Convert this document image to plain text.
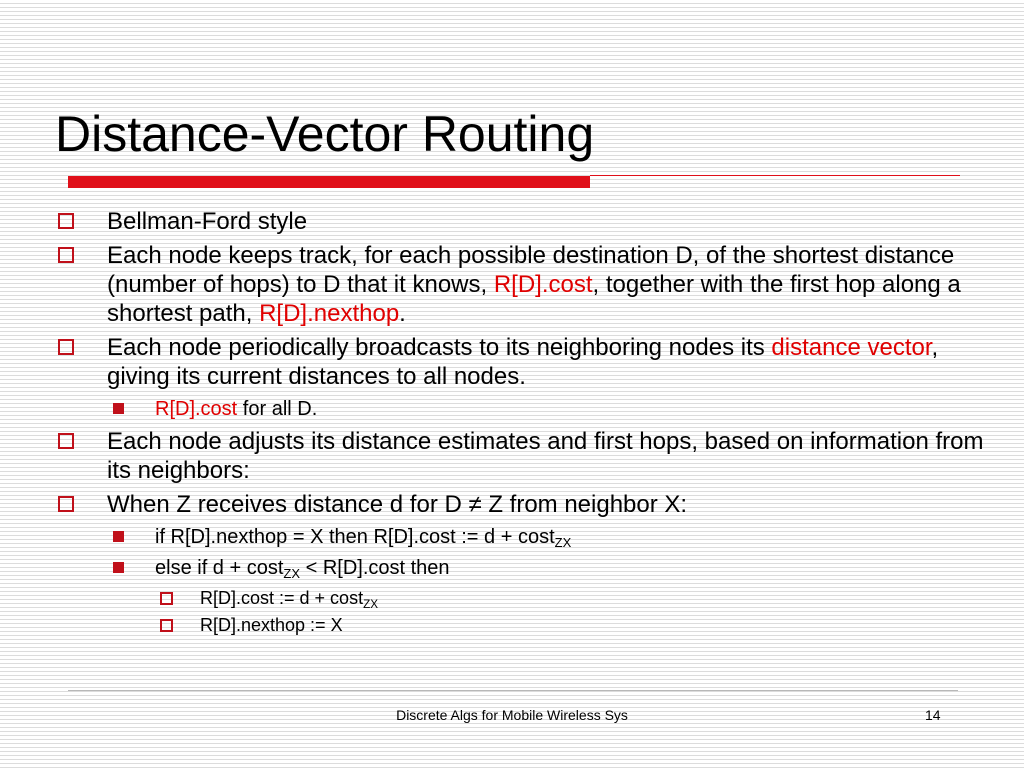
Distance-Vector Routing
Bellman-Ford style
Each node keeps track, for each possible destination D, of the shortest distance (number of hops) to D that it knows, R[D].cost, together with the first hop along a shortest path, R[D].nexthop.
Each node periodically broadcasts to its neighboring nodes its distance vector, giving its current distances to all nodes.
R[D].cost for all D.
Each node adjusts its distance estimates and first hops, based on information from its neighbors:
When Z receives distance d for D ≠ Z from neighbor X:
if R[D].nexthop = X then R[D].cost := d + cost$_{ZX}$
else if d + cost$_{ZX}$ < R[D].cost then
R[D].cost := d + cost$_{ZX}$
R[D].nexthop := X
Discrete Algs for Mobile Wireless Sys	14
